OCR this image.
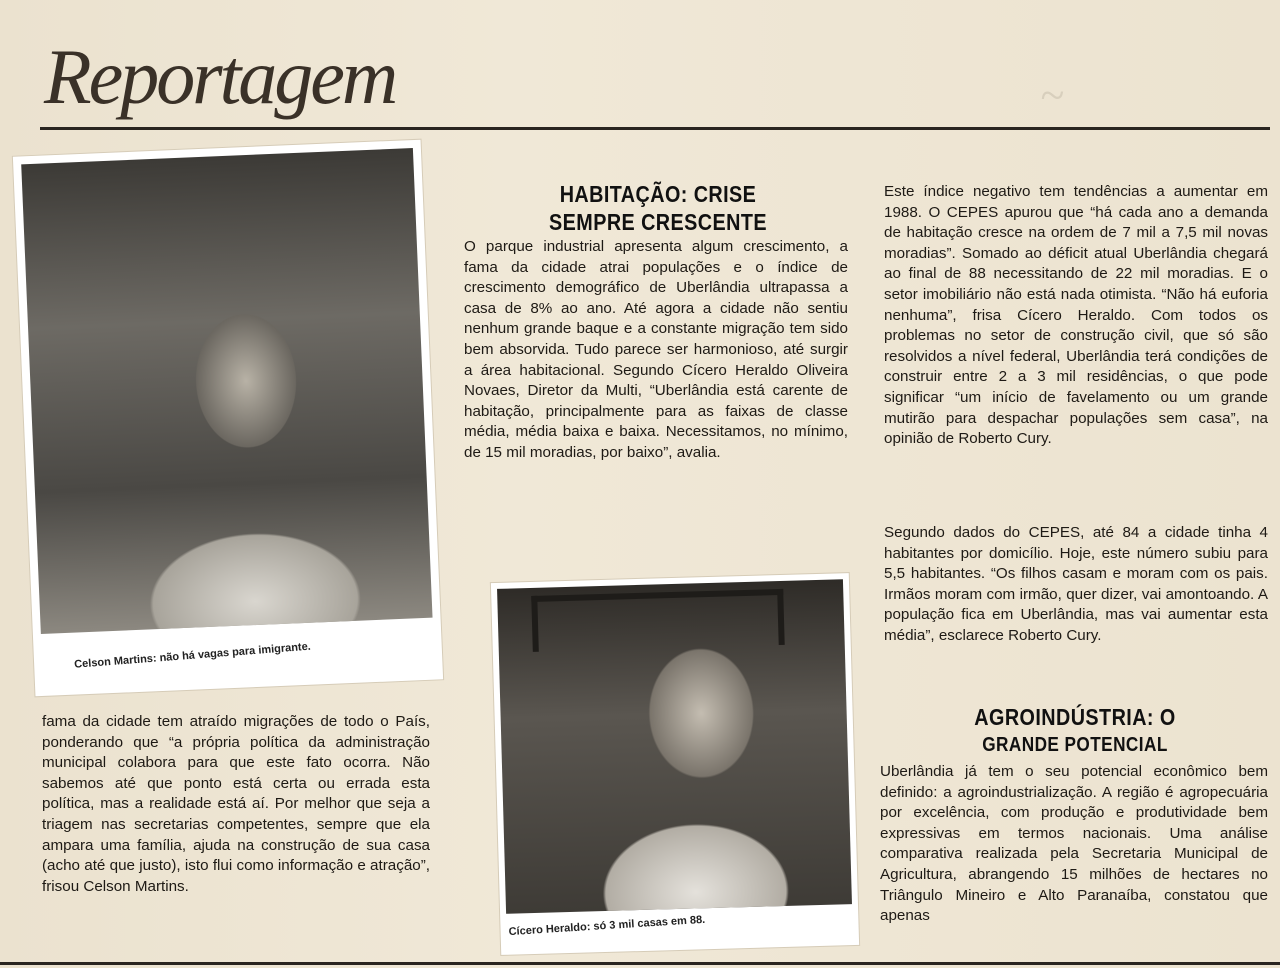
~
Reportagem
Celson Martins: não há vagas para imigrante.

fama da cidade tem atraído migrações de todo o País, ponderando que “a própria política da administração municipal colabora para que este fato ocorra. Não sabemos até que ponto está certa ou errada esta política, mas a realidade está aí. Por melhor que seja a triagem nas secretarias competentes, sempre que ela ampara uma família, ajuda na construção de sua casa (acho até que justo), isto flui como informação e atração”, frisou Celson Martins.

HABITAÇÃO: CRISE
SEMPRE CRESCENTE

O parque industrial apresenta algum crescimento, a fama da cidade atrai populações e o índice de crescimento demográfico de Uberlândia ultrapassa a casa de 8% ao ano. Até agora a cidade não sentiu nenhum grande baque e a constante migração tem sido bem absorvida. Tudo parece ser harmonioso, até surgir a área habitacional. Segundo Cícero Heraldo Oliveira Novaes, Diretor da Multi, “Uberlândia está carente de habitação, principalmente para as faixas de classe média, média baixa e baixa. Necessitamos, no mínimo, de 15 mil moradias, por baixo”, avalia.

Cícero Heraldo: só 3 mil casas em 88.

Este índice negativo tem tendências a aumentar em 1988. O CEPES apurou que “há cada ano a demanda de habitação cresce na ordem de 7 mil a 7,5 mil novas moradias”. Somado ao déficit atual Uberlândia chegará ao final de 88 necessitando de 22 mil moradias. E o setor imobiliário não está nada otimista. “Não há euforia nenhuma”, frisa Cícero Heraldo. Com todos os problemas no setor de construção civil, que só são resolvidos a nível federal, Uberlândia terá condições de construir entre 2 a 3 mil residências, o que pode significar “um início de favelamento ou um grande mutirão para despachar populações sem casa”, na opinião de Roberto Cury.

Segundo dados do CEPES, até 84 a cidade tinha 4 habitantes por domicílio. Hoje, este número subiu para 5,5 habitantes. “Os filhos casam e moram com os pais. Irmãos moram com irmão, quer dizer, vai amontoando. A população fica em Uberlândia, mas vai aumentar esta média”, esclarece Roberto Cury.

AGROINDÚSTRIA: O
GRANDE POTENCIAL

Uberlândia já tem o seu potencial econômico bem definido: a agroindustrialização. A região é agropecuária por excelência, com produção e produtividade bem expressivas em termos nacionais. Uma análise comparativa realizada pela Secretaria Municipal de Agricultura, abrangendo 15 milhões de hectares no Triângulo Mineiro e Alto Paranaíba, constatou que apenas
